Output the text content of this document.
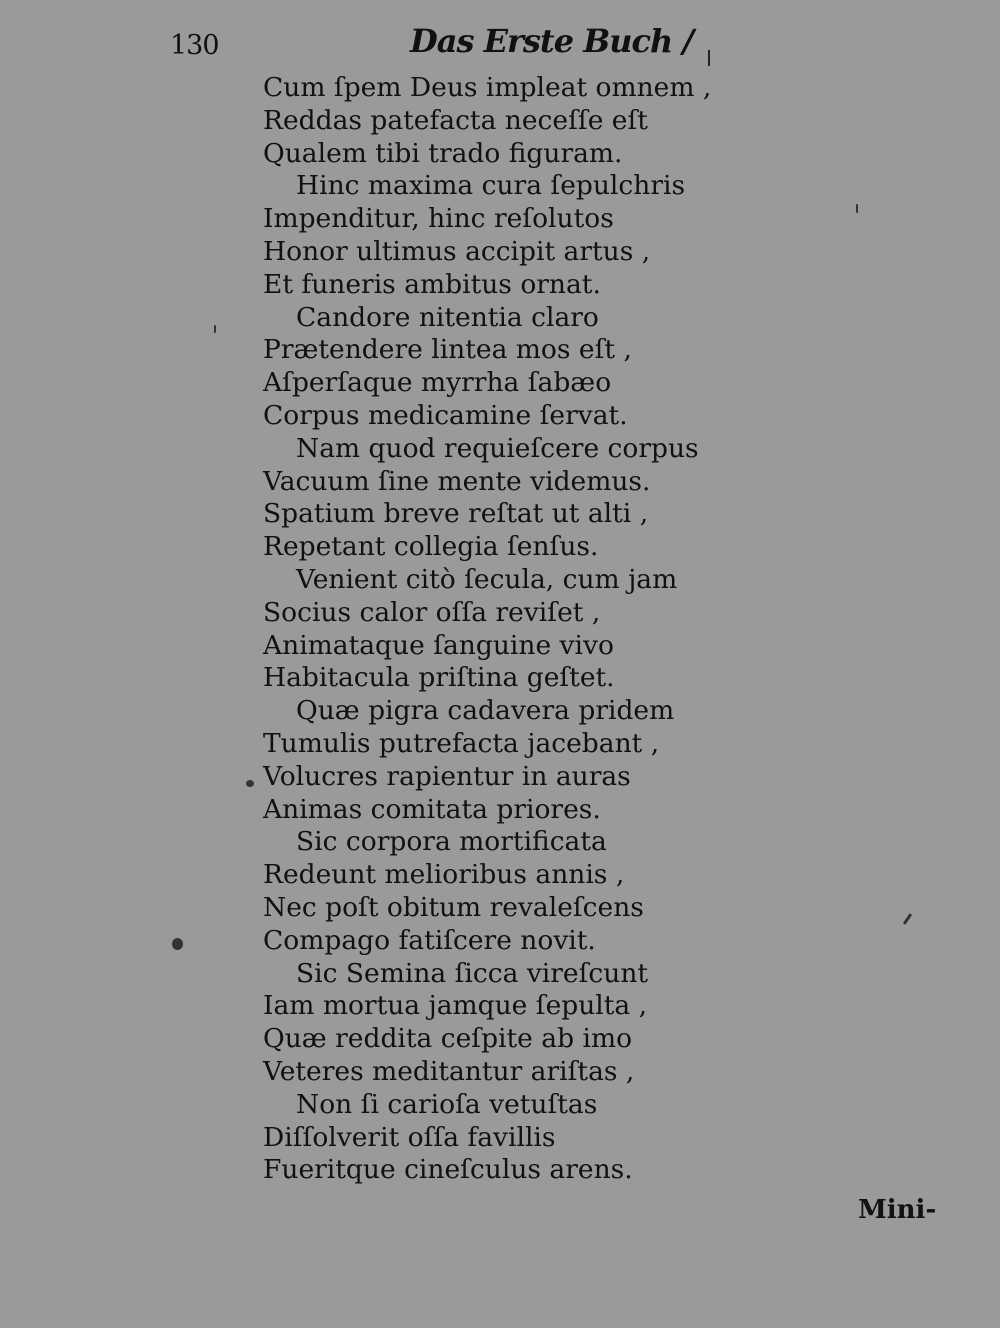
130	Das Erste Buch /
Cum ſpem Deus impleat omnem ,
Reddas patefacta neceſſe eſt
Qualem tibi trado figuram.
Hinc maxima cura ſepulchris
Impenditur, hinc reſolutos
Honor ultimus accipit artus ,
Et funeris ambitus ornat.
Candore nitentia claro
Prætendere lintea mos eſt ,
Aſperſaque myrrha ſabæo
Corpus medicamine ſervat.
Nam quod requieſcere corpus
Vacuum ſine mente videmus.
Spatium breve reſtat ut alti ,
Repetant collegia ſenſus.
Venient citò ſecula, cum jam
Socius calor oſſa reviſet ,
Animataque ſanguine vivo
Habitacula priſtina geſtet.
Quæ pigra cadavera pridem
Tumulis putrefacta jacebant ,
Volucres rapientur in auras
Animas comitata priores.
Sic corpora mortificata
Redeunt melioribus annis ,
Nec poſt obitum revaleſcens
Compago fatiſcere novit.
Sic Semina ſicca vireſcunt
Iam mortua jamque ſepulta ,
Quæ reddita ceſpite ab imo
Veteres meditantur ariſtas ,
Non ſi carioſa vetuſtas
Diſſolverit oſſa favillis
Fueritque cineſculus arens.
Mini-
